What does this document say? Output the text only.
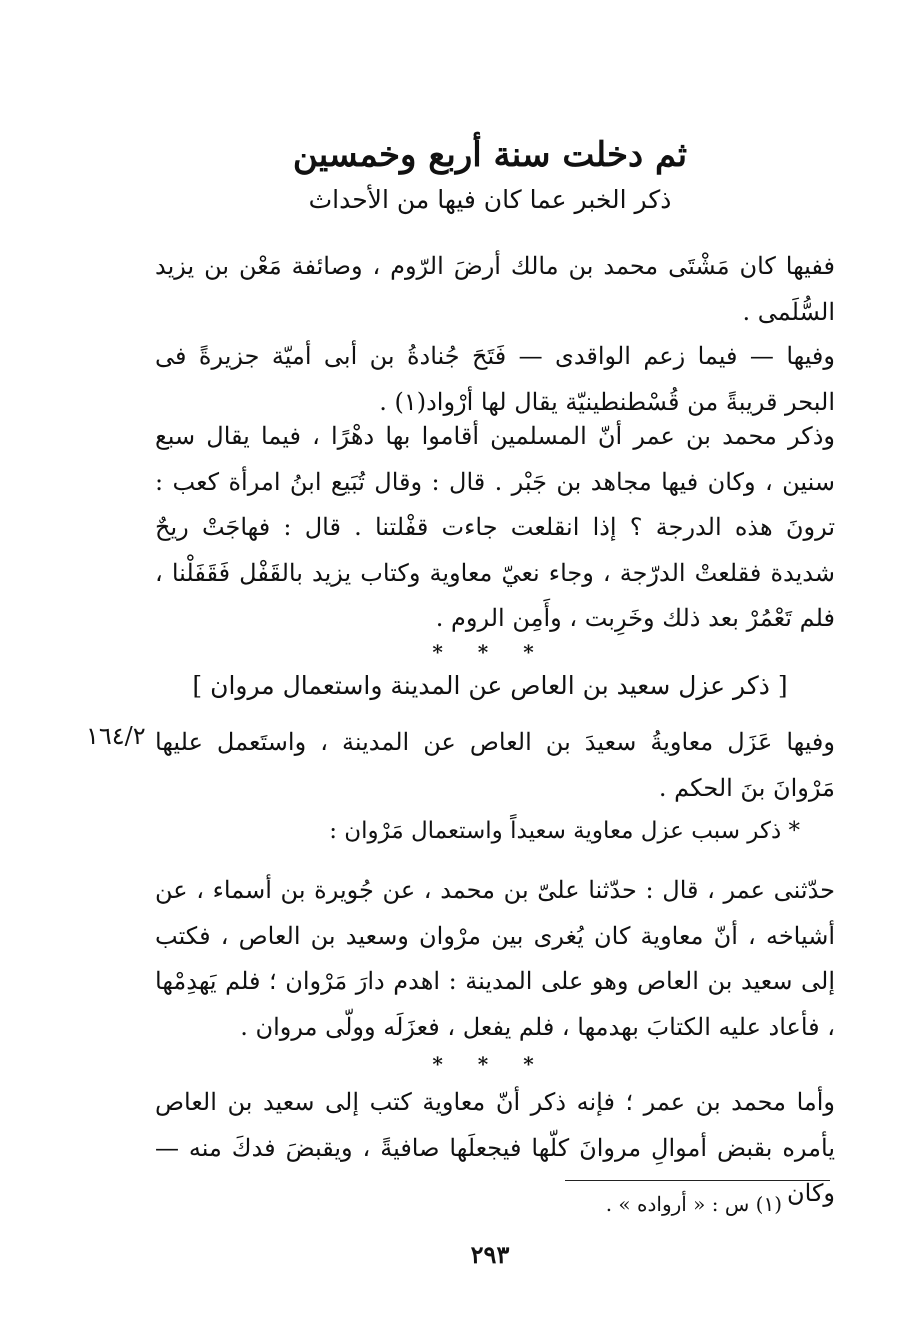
ثم دخلت سنة أربع وخمسين
ذكر الخبر عما كان فيها من الأحداث
ففيها كان مَشْتَى محمد بن مالك أرضَ الرّوم ، وصائفة مَعْن بن يزيد السُّلَمى .
وفيها — فيما زعم الواقدى — فَتَحَ جُنادةُ بن أبى أميّة جزيرةً فى البحر قريبةً من قُسْطنطينيّة يقال لها أرْواد(١) .
وذكر محمد بن عمر أنّ المسلمين أقاموا بها دهْرًا ، فيما يقال سبع سنين ، وكان فيها مجاهد بن جَبْر . قال : وقال تُبَيع ابنُ امرأة كعب : ترونَ هذه الدرجة ؟ إذا انقلعت جاءت قفْلتنا . قال : فهاجَتْ ريحٌ شديدة فقلعتْ الدرّجة ، وجاء نعيّ معاوية وكتاب يزيد بالقَفْل فَقَفَلْنا ، فلم تَعْمُرْ بعد ذلك وخَرِبت ، وأَمِن الروم .
* * *
[ ذكر عزل سعيد بن العاص عن المدينة واستعمال مروان ]
١٦٤/٢ وفيها عَزَل معاويةُ سعيدَ بن العاص عن المدينة ، واستَعمل عليها مَرْوانَ بنَ الحكم .
* ذكر سبب عزل معاوية سعيداً واستعمال مَرْوان :
حدّثنى عمر ، قال : حدّثنا علىّ بن محمد ، عن جُويرة بن أسماء ، عن أشياخه ، أنّ معاوية كان يُغرى بين مرْوان وسعيد بن العاص ، فكتب إلى سعيد بن العاص وهو على المدينة : اهدم دارَ مَرْوان ؛ فلم يَهدِمْها ، فأعاد عليه الكتابَ بهدمها ، فلم يفعل ، فعزَلَه وولّى مروان .
* * *
وأما محمد بن عمر ؛ فإنه ذكر أنّ معاوية كتب إلى سعيد بن العاص يأمره بقبض أموالِ مروانَ كلّها فيجعلَها صافيةً ، ويقبضَ فدكَ منه — وكان
(١) س : « أرواده » .
٢٩٣
